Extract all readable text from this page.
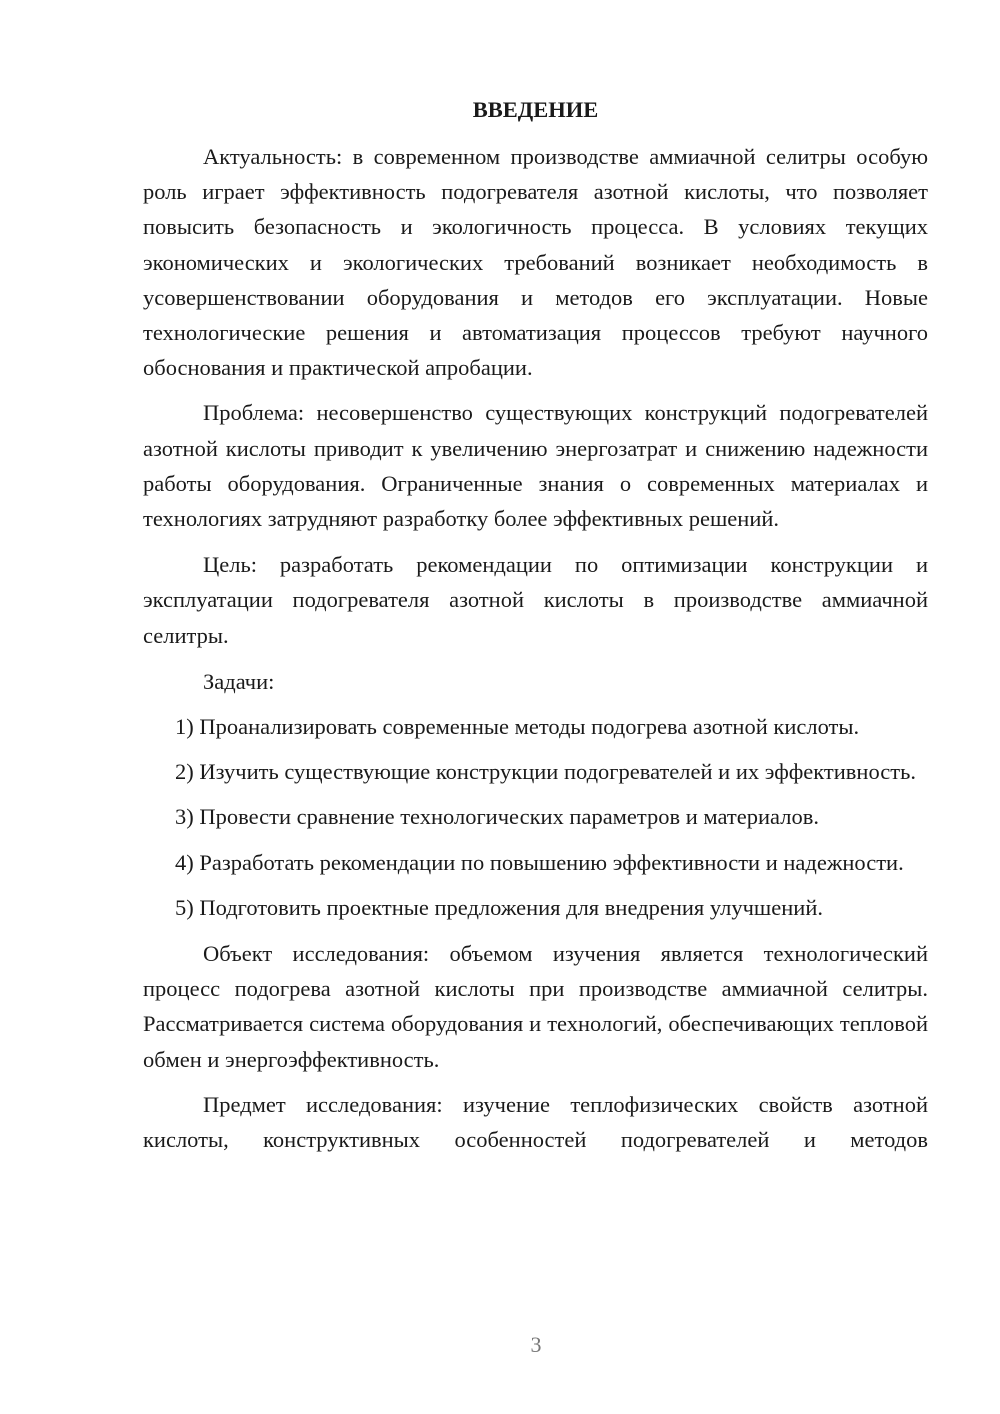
ВВЕДЕНИЕ

Актуальность: в современном производстве аммиачной селитры особую роль играет эффективность подогревателя азотной кислоты, что позволяет повысить безопасность и экологичность процесса. В условиях текущих экономических и экологических требований возникает необходимость в усовершенствовании оборудования и методов его эксплуатации. Новые технологические решения и автоматизация процессов требуют научного обоснования и практической апробации.

Проблема: несовершенство существующих конструкций подогревателей азотной кислоты приводит к увеличению энергозатрат и снижению надежности работы оборудования. Ограниченные знания о современных материалах и технологиях затрудняют разработку более эффективных решений.

Цель: разработать рекомендации по оптимизации конструкции и эксплуатации подогревателя азотной кислоты в производстве аммиачной селитры.

Задачи:

1) Проанализировать современные методы подогрева азотной кислоты.

2) Изучить существующие конструкции подогревателей и их эффективность.

3) Провести сравнение технологических параметров и материалов.

4) Разработать рекомендации по повышению эффективности и надежности.

5) Подготовить проектные предложения для внедрения улучшений.

Объект исследования: объемом изучения является технологический процесс подогрева азотной кислоты при производстве аммиачной селитры. Рассматривается система оборудования и технологий, обеспечивающих тепловой обмен и энергоэффективность.

Предмет исследования: изучение теплофизических свойств азотной кислоты, конструктивных особенностей подогревателей и методов

3
